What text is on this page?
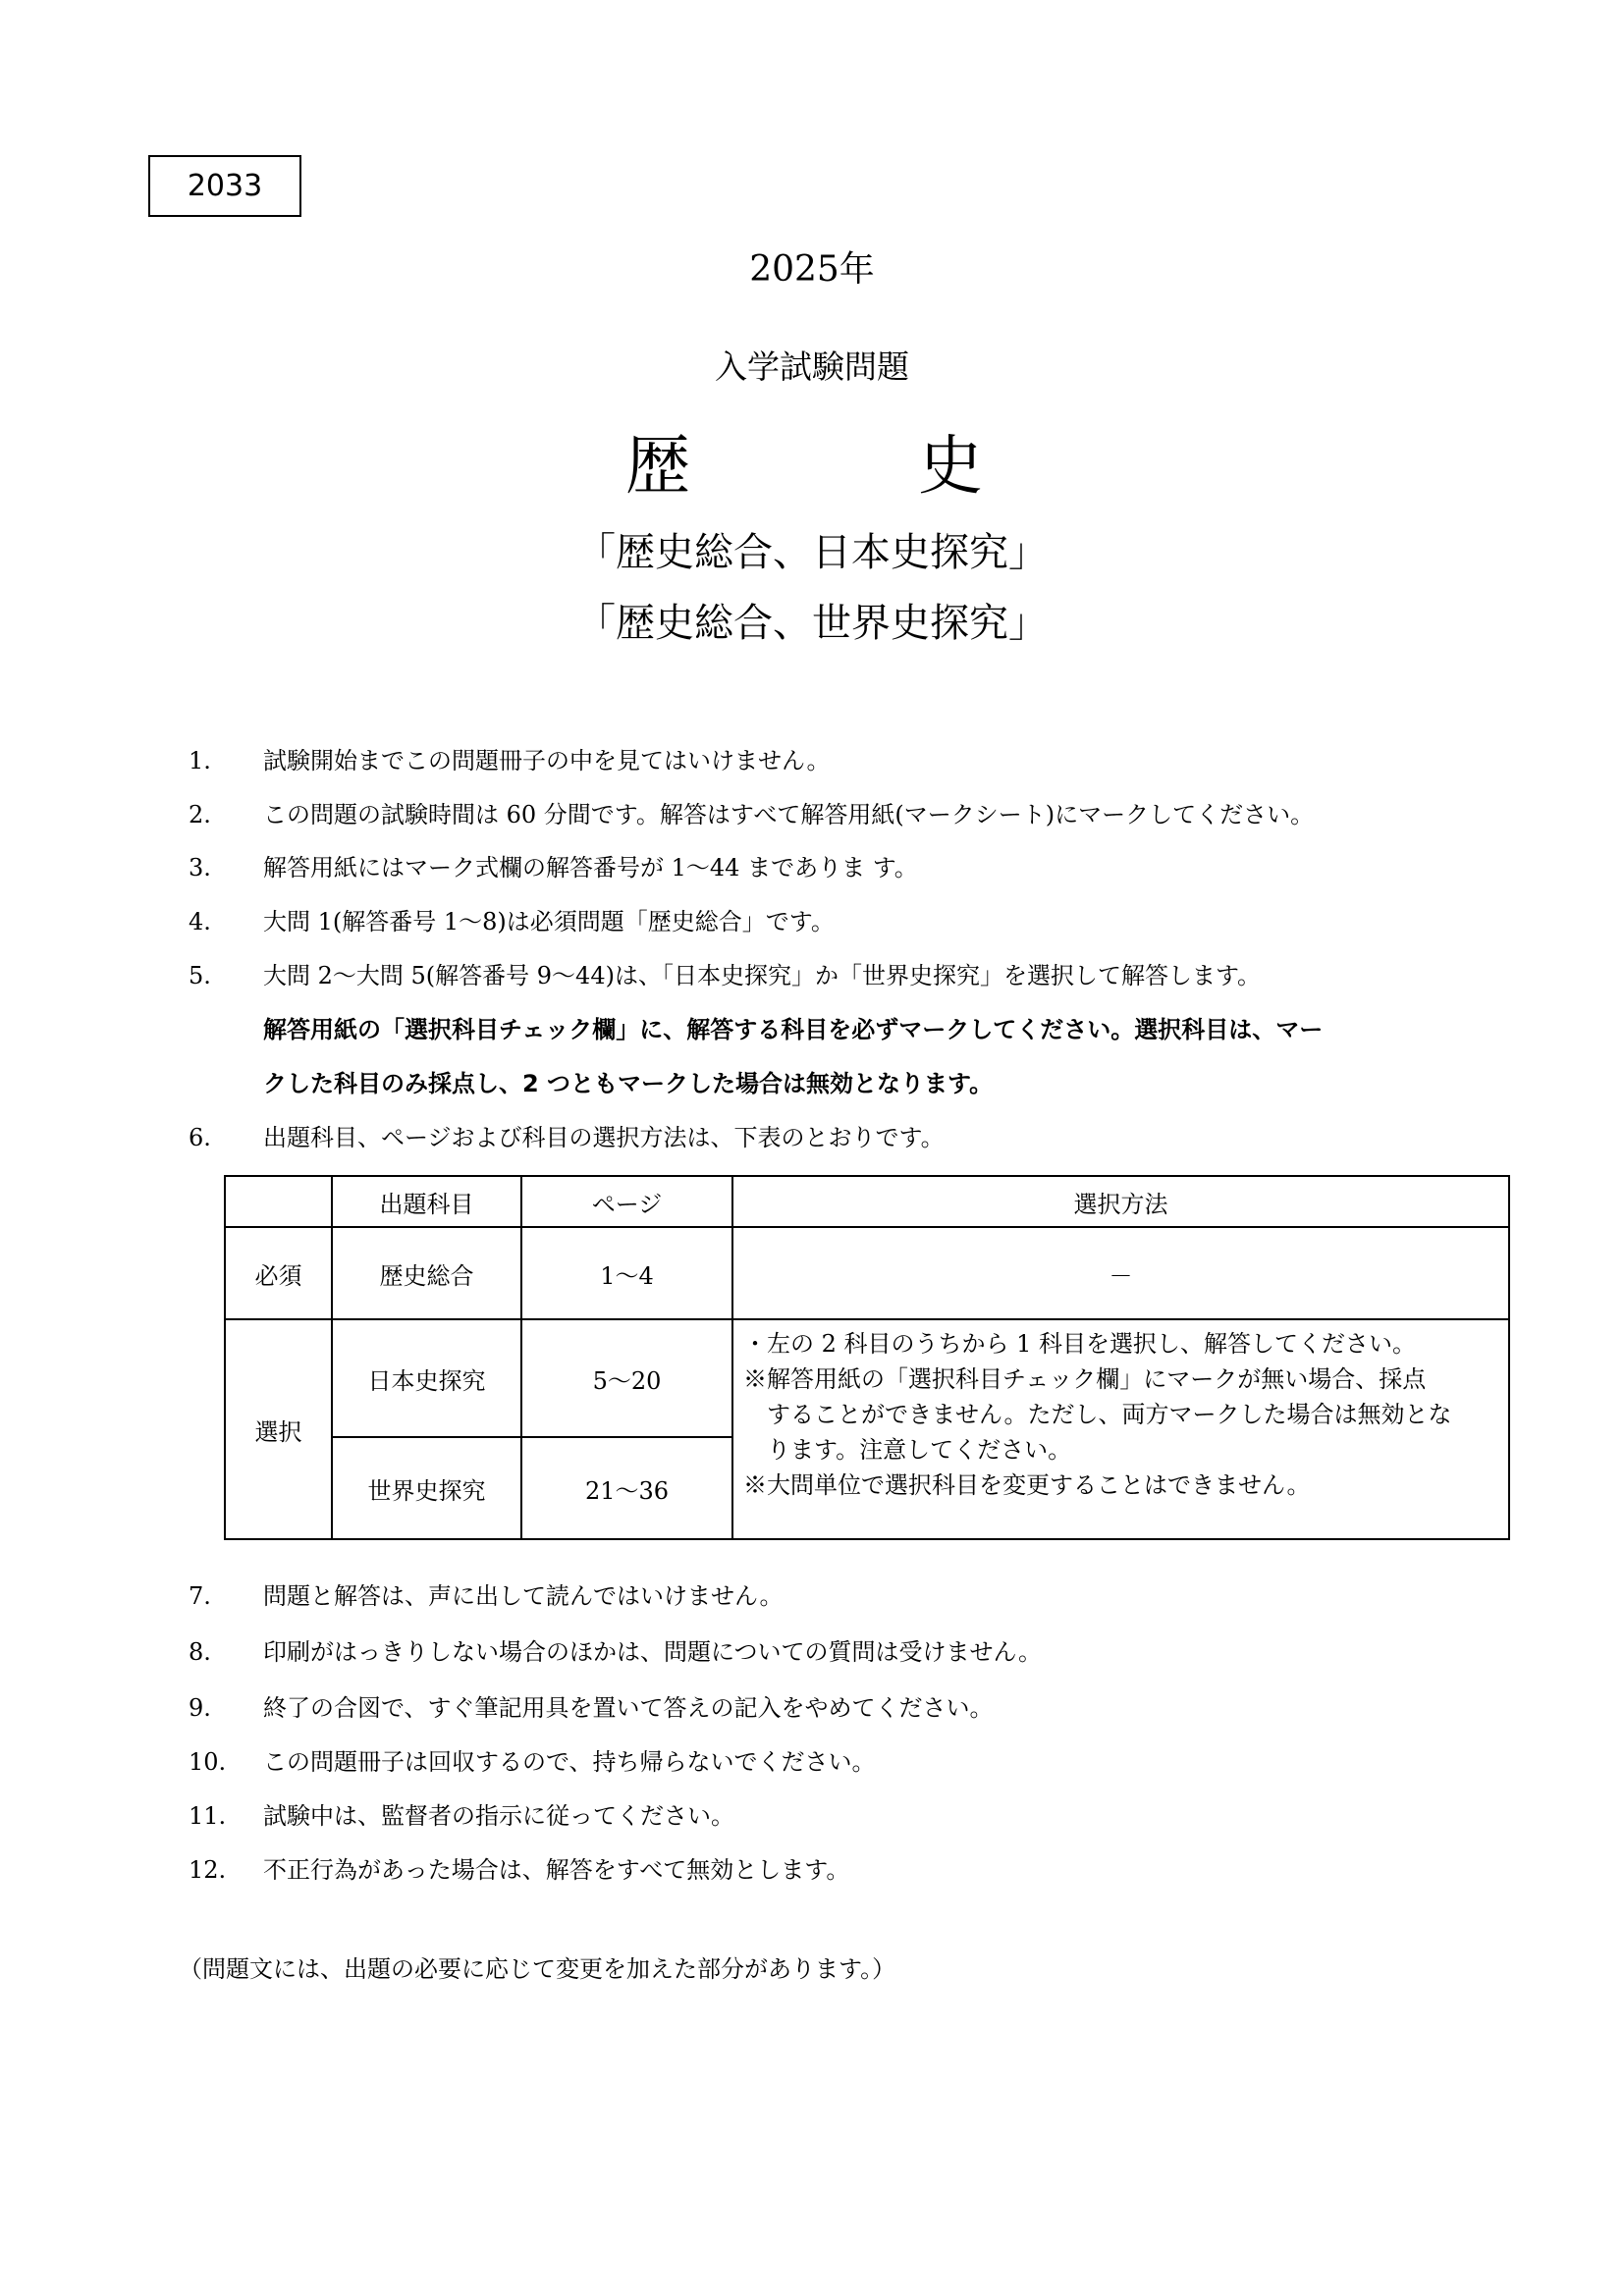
2033
2025年
入学試験問題
歴	史
「歴史総合、日本史探究」
「歴史総合、世界史探究」
1. 試験開始までこの問題冊子の中を見てはいけません。
2. この問題の試験時間は 60 分間です。解答はすべて解答用紙(マークシート)にマークしてください。
3. 解答用紙にはマーク式欄の解答番号が 1～44 までありま す。
4. 大問 1(解答番号 1～8)は必須問題「歴史総合」です。
5. 大問 2～大問 5(解答番号 9～44)は、「日本史探究」か「世界史探究」を選択して解答します。
解答用紙の「選択科目チェック欄」に、解答する科目を必ずマークしてください。選択科目は、マー
クした科目のみ採点し、2 つともマークした場合は無効となります。
6. 出題科目、ページおよび科目の選択方法は、下表のとおりです。
	出題科目	ページ	選択方法
必須	歴史総合	1～4	－
選択	日本史探究	5～20	・左の 2 科目のうちから 1 科目を選択し、解答してください。
※解答用紙の「選択科目チェック欄」にマークが無い場合、採点
することができません。ただし、両方マークした場合は無効とな
ります。注意してください。
※大問単位で選択科目を変更することはできません。

	世界史探究	21～36	
7. 問題と解答は、声に出して読んではいけません。
8. 印刷がはっきりしない場合のほかは、問題についての質問は受けません。
9. 終了の合図で、すぐ筆記用具を置いて答えの記入をやめてください。
10. この問題冊子は回収するので、持ち帰らないでください。
11. 試験中は、監督者の指示に従ってください。
12. 不正行為があった場合は、解答をすべて無効とします。
（問題文には、出題の必要に応じて変更を加えた部分があります。）
